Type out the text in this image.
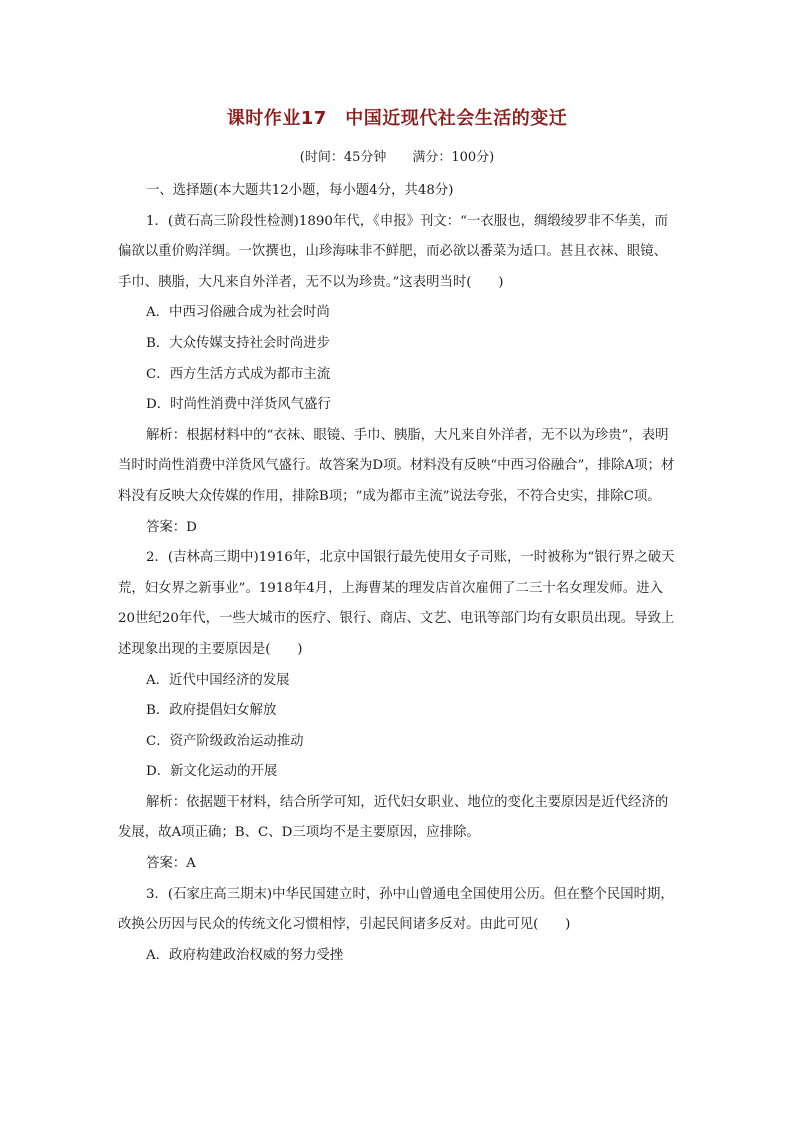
课时作业17　中国近现代社会生活的变迁
(时间：45分钟　　满分：100分)

一、选择题(本大题共12小题，每小题4分，共48分)

1．(黄石高三阶段性检测)1890年代，《申报》刊文：“一衣服也，绸缎绫罗非不华美，而偏欲以重价购洋绸。一饮撰也，山珍海味非不鲜肥，而必欲以番菜为适口。甚且衣袜、眼镜、手巾、胰脂，大凡来自外洋者，无不以为珍贵。”这表明当时(　　)

A．中西习俗融合成为社会时尚

B．大众传媒支持社会时尚进步

C．西方生活方式成为都市主流

D．时尚性消费中洋货风气盛行

解析：根据材料中的“衣袜、眼镜、手巾、胰脂，大凡来自外洋者，无不以为珍贵”，表明当时时尚性消费中洋货风气盛行。故答案为D项。材料没有反映“中西习俗融合”，排除A项；材料没有反映大众传媒的作用，排除B项；“成为都市主流”说法夸张，不符合史实，排除C项。

答案：D

2．(吉林高三期中)1916年，北京中国银行最先使用女子司账，一时被称为“银行界之破天荒，妇女界之新事业”。1918年4月，上海曹某的理发店首次雇佣了二三十名女理发师。进入20世纪20年代，一些大城市的医疗、银行、商店、文艺、电讯等部门均有女职员出现。导致上述现象出现的主要原因是(　　)

A．近代中国经济的发展

B．政府提倡妇女解放

C．资产阶级政治运动推动

D．新文化运动的开展

解析：依据题干材料，结合所学可知，近代妇女职业、地位的变化主要原因是近代经济的发展，故A项正确；B、C、D三项均不是主要原因，应排除。

答案：A

3．(石家庄高三期末)中华民国建立时，孙中山曾通电全国使用公历。但在整个民国时期，改换公历因与民众的传统文化习惯相悖，引起民间诸多反对。由此可见(　　)

A．政府构建政治权威的努力受挫
